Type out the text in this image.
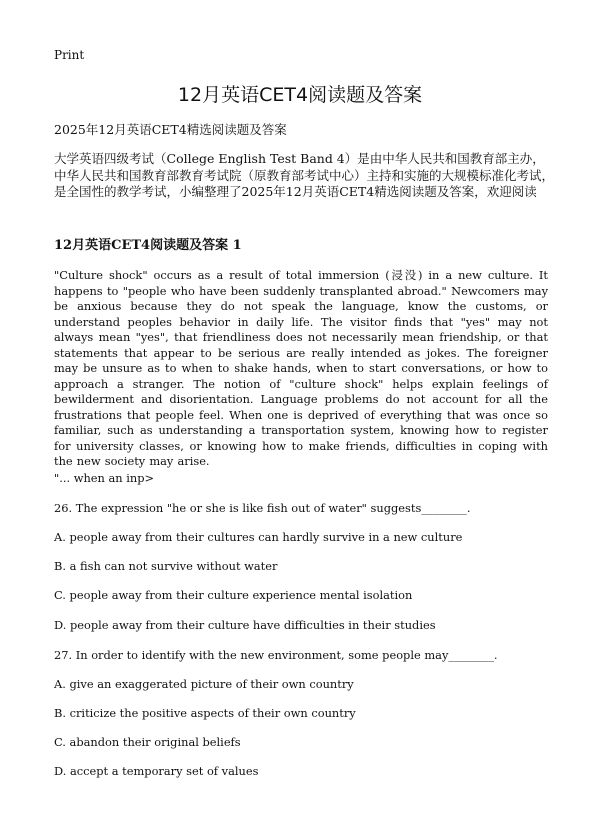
Print
12月英语CET4阅读题及答案
2025年12月英语CET4精选阅读题及答案

大学英语四级考试（College English Test Band 4）是由中华人民共和国教育部主办，中华人民共和国教育部教育考试院（原教育部考试中心）主持和实施的大规模标准化考试，是全国性的教学考试，小编整理了2025年12月英语CET4精选阅读题及答案，欢迎阅读

12月英语CET4阅读题及答案 1

"Culture shock" occurs as a result of total immersion (浸没) in a new culture. It happens to "people who have been suddenly transplanted abroad." Newcomers may be anxious because they do not speak the language, know the customs, or understand peoples behavior in daily life. The visitor finds that "yes" may not always mean "yes", that friendliness does not necessarily mean friendship, or that statements that appear to be serious are really intended as jokes. The foreigner may be unsure as to when to shake hands, when to start conversations, or how to approach a stranger. The notion of "culture shock" helps explain feelings of bewilderment and disorientation. Language problems do not account for all the frustrations that people feel. When one is deprived of everything that was once so familiar, such as understanding a transportation system, knowing how to register for university classes, or knowing how to make friends, difficulties in coping with the new society may arise.

"... when an inp>
26. The expression "he or she is like fish out of water" suggests________.
A. people away from their cultures can hardly survive in a new culture
B. a fish can not survive without water
C. people away from their culture experience mental isolation
D. people away from their culture have difficulties in their studies
27. In order to identify with the new environment, some people may________.
A. give an exaggerated picture of their own country
B. criticize the positive aspects of their own country
C. abandon their original beliefs
D. accept a temporary set of values
